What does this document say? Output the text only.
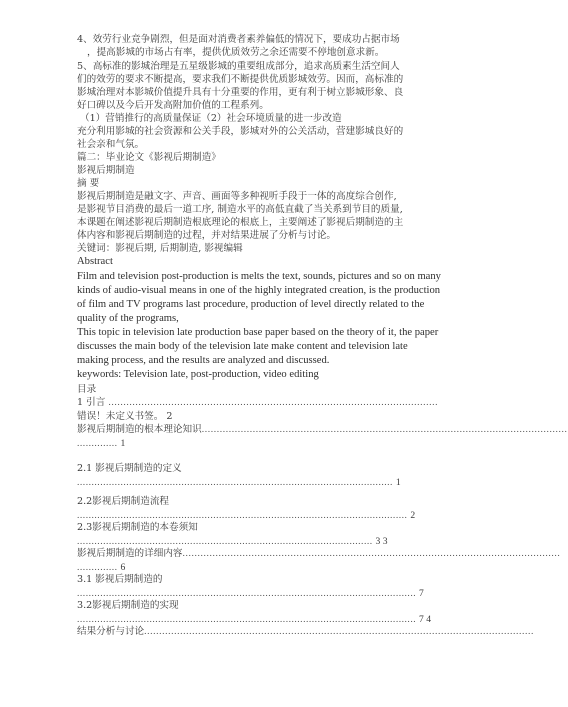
4、效劳行业竞争剧烈，但是面对消费者素养偏低的情况下，要成功占据市场
，提高影城的市场占有率，提供优质效劳之余还需要不停地创意求新。
5、高标准的影城治理是五星级影城的重要组成部分，追求高质素生活空间人
们的效劳的要求不断提高，要求我们不断提供优质影城效劳。因而，高标准的
影城治理对本影城价值提升具有十分重要的作用，更有利于树立影城形象、良
好口碑以及今后开发高附加价值的工程系列。
（1）营销推行的高质量保证（2）社会环境质量的进一步改造
充分利用影城的社会资源和公关手段，影城对外的公关活动，营建影城良好的
社会亲和气氛。
篇二：毕业论文《影视后期制造》
影视后期制造
摘 要
影视后期制造是融文字、声音、画面等多种视听手段于一体的高度综合创作,
是影视节目消费的最后一道工序, 制造水平的高低直截了当关系到节目的质量,
本课题在阐述影视后期制造根底理论的根底上，主要阐述了影视后期制造的主
体内容和影视后期制造的过程，并对结果进展了分析与讨论。
关键词：影视后期, 后期制造, 影视编辑
Abstract
Film and television post-production is melts the text, sounds, pictures and so on many
kinds of audio-visual means in one of the highly integrated creation, is the production
of film and TV programs last procedure, production of level directly related to the
quality of the programs,
This topic in television late production base paper based on the theory of it, the paper
discusses the main body of the television late make content and television late
making process, and the results are analyzed and discussed.
keywords: Television late, post-production, video editing
目录
1 引言 ..............................................................................................................
错误！未定义书签。 2
影视后期制造的根本理论知识..........................................................................................................................
.............. 1
2.1 影视后期制造的定义
............................................................................................................. 1
2.2影视后期制造流程
.................................................................................................................. 2
2.3影视后期制造的本卷须知
...................................................................................................... 3 3
影视后期制造的详细内容..............................................................................................................................
.............. 6
3.1 影视后期制造的
..................................................................................................................... 7
3.2影视后期制造的实现
..................................................................................................................... 7 4
结果分析与讨论..................................................................................................................................
